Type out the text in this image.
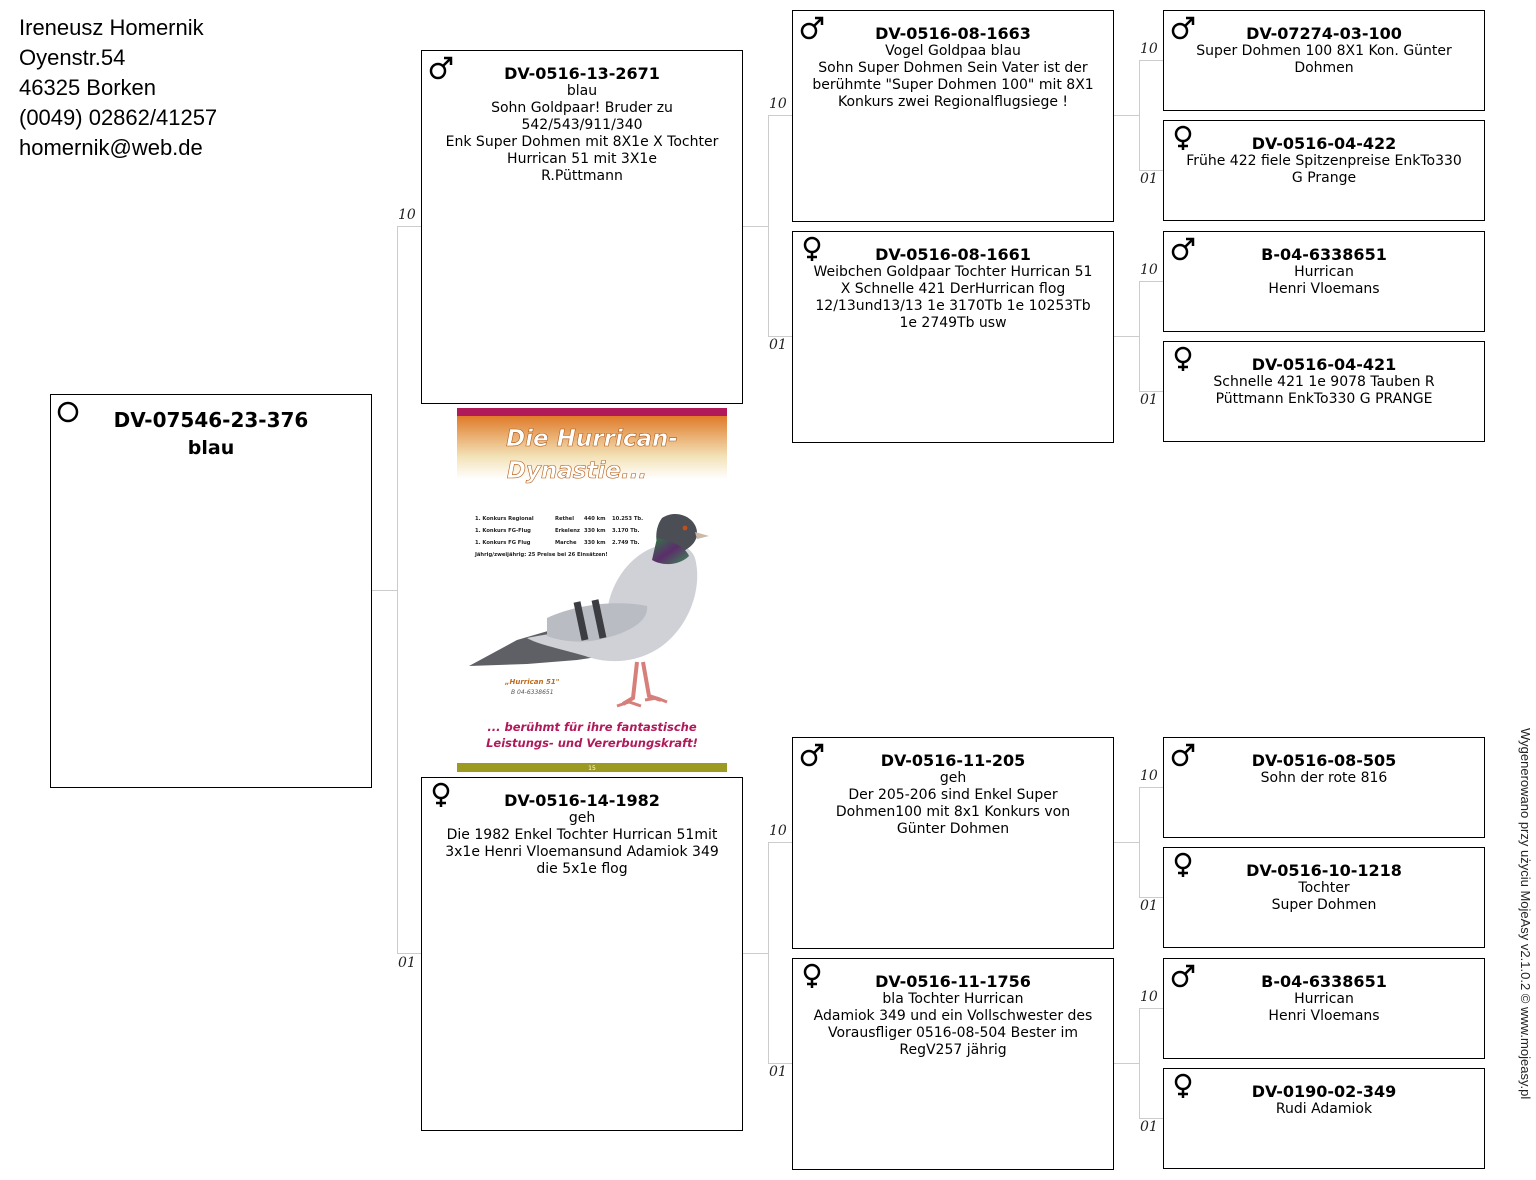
Ireneusz Homernik
Oyenstr.54
46325 Borken
(0049) 02862/41257
homernik@web.de
10
01
10
01
10
01
10
01
10
01
10
01
10
01
DV-07546-23-376
blau
DV-0516-13-2671
blau
Sohn Goldpaar! Bruder zu
542/543/911/340
Enk Super Dohmen mit 8X1e X Tochter
Hurrican 51 mit 3X1e
R.Püttmann
DV-0516-14-1982
geh
Die 1982 Enkel Tochter Hurrican 51mit
3x1e Henri Vloemansund Adamiok 349
die 5x1e flog
DV-0516-08-1663
Vogel Goldpaa blau
Sohn Super Dohmen Sein Vater ist der
berühmte "Super Dohmen 100" mit 8X1
Konkurs zwei Regionalflugsiege !
DV-0516-08-1661
Weibchen Goldpaar Tochter Hurrican 51
X Schnelle 421 DerHurrican flog
12/13und13/13 1e 3170Tb 1e 10253Tb
1e 2749Tb usw
DV-0516-11-205
geh
Der 205-206 sind Enkel Super
Dohmen100 mit 8x1 Konkurs von
Günter Dohmen
DV-0516-11-1756
bla Tochter Hurrican
Adamiok 349 und ein Vollschwester des
Vorausfliger 0516-08-504 Bester im
RegV257 jährig
DV-07274-03-100
Super Dohmen 100 8X1 Kon. Günter
Dohmen
DV-0516-04-422
Frühe 422 fiele Spitzenpreise EnkTo330
G Prange
B-04-6338651
Hurrican
Henri Vloemans
DV-0516-04-421
Schnelle 421 1e 9078 Tauben R
Püttmann EnkTo330 G PRANGE
DV-0516-08-505
Sohn der rote 816
DV-0516-10-1218
Tochter
Super Dohmen
B-04-6338651
Hurrican
Henri Vloemans
DV-0190-02-349
Rudi Adamiok
Die Hurrican-
Dynastie...
1. Konkurs Regional	Rethel 440 km 10.253 Tb.
1. Konkurs FG-Flug	Erkelenz 330 km 3.170 Tb.
1. Konkurs FG Flug	Marche 330 km 2.749 Tb.
Jährig/zweijährig: 25 Preise bei 26 Einsätzen!
„Hurrican 51"
B 04-6338651
... berühmt für ihre fantastische
Leistungs- und Vererbungskraft!
15	Wygenerowano przy użyciu MojeAsy v2.1.0.2 © www.mojeasy.pl
